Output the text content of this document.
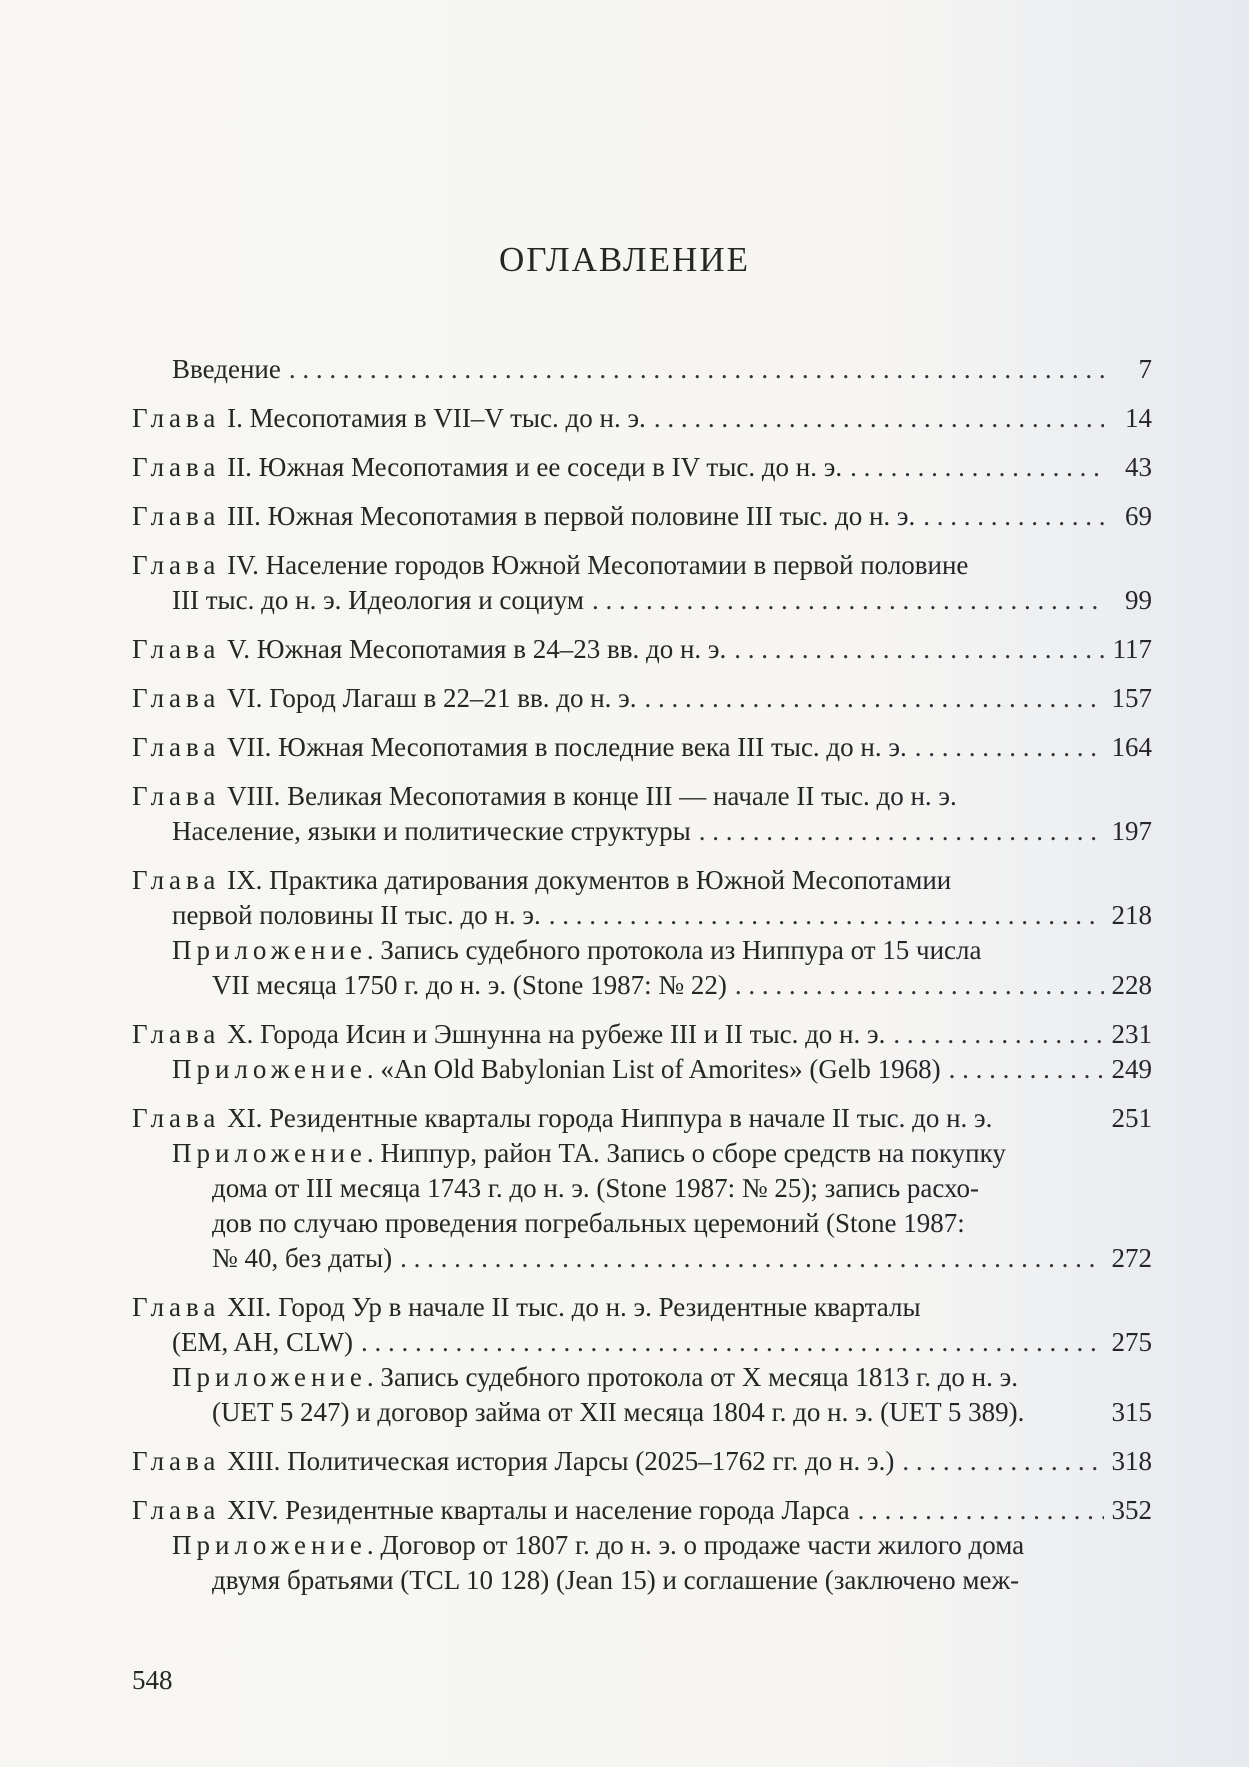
ОГЛАВЛЕНИЕ
Введение . . .	7
Глава I. Месопотамия в VII–V тыс. до н. э. . . .	14
Глава II. Южная Месопотамия и ее соседи в IV тыс. до н. э. . . .	43
Глава III. Южная Месопотамия в первой половине III тыс. до н. э. . . .	69
Глава IV. Население городов Южной Месопотамии в первой половине
III тыс. до н. э. Идеология и социум . . .	99
Глава V. Южная Месопотамия в 24–23 вв. до н. э. . . .	117
Глава VI. Город Лагаш в 22–21 вв. до н. э. . . .	157
Глава VII. Южная Месопотамия в последние века III тыс. до н. э. . . .	164
Глава VIII. Великая Месопотамия в конце III — начале II тыс. до н. э.
Население, языки и политические структуры . . .	197
Глава IX. Практика датирования документов в Южной Месопотамии
первой половины II тыс. до н. э. . . .	218
Приложение. Запись судебного протокола из Ниппура от 15 числа
VII месяца 1750 г. до н. э. (Stone 1987: № 22) . . .	228
Глава X. Города Исин и Эшнунна на рубеже III и II тыс. до н. э. . . .	231
Приложение. «An Old Babylonian List of Amorites» (Gelb 1968) . . .	249
Глава XI. Резидентные кварталы города Ниппура в начале II тыс. до н. э.	251
Приложение. Ниппур, район ТА. Запись о сборе средств на покупку
дома от III месяца 1743 г. до н. э. (Stone 1987: № 25); запись расхо-
дов по случаю проведения погребальных церемоний (Stone 1987:
№ 40, без даты) . . .	272
Глава XII. Город Ур в начале II тыс. до н. э. Резидентные кварталы
(EM, AH, CLW) . . .	275
Приложение. Запись судебного протокола от X месяца 1813 г. до н. э.
(UET 5 247) и договор займа от XII месяца 1804 г. до н. э. (UET 5 389).	315
Глава XIII. Политическая история Ларсы (2025–1762 гг. до н. э.) . . .	318
Глава XIV. Резидентные кварталы и население города Ларса . . .	352
Приложение. Договор от 1807 г. до н. э. о продаже части жилого дома
двумя братьями (TCL 10 128) (Jean 15) и соглашение (заключено меж-
548
